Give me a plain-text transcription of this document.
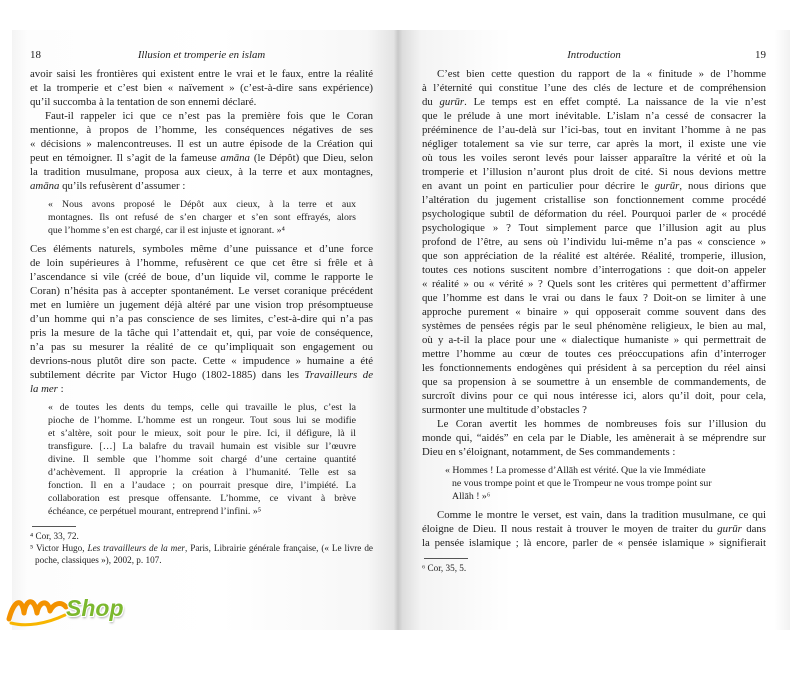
18	Illusion et tromperie en islam
avoir saisi les frontières qui existent entre le vrai et le faux, entre la réalité
et la tromperie et c’est bien « naïvement » (c’est-à-dire sans expérience)
qu’il succomba à la tentation de son ennemi déclaré.
Faut-il rappeler ici que ce n’est pas la première fois que le Coran
mentionne, à propos de l’homme, les conséquences négatives de ses
« décisions » malencontreuses. Il est un autre épisode de la Création qui
peut en témoigner. Il s’agit de la fameuse amāna (le Dépôt) que Dieu, selon
la tradition musulmane, proposa aux cieux, à la terre et aux montagnes,
amāna qu’ils refusèrent d’assumer :
« Nous avons proposé le Dépôt aux cieux, à la terre et aux
montagnes. Ils ont refusé de s’en charger et s’en sont effrayés, alors
que l’homme s’en est chargé, car il est injuste et ignorant. »⁴
Ces éléments naturels, symboles même d’une puissance et d’une force
de loin supérieures à l’homme, refusèrent ce que cet être si frêle et à
l’ascendance si vile (créé de boue, d’un liquide vil, comme le rapporte le
Coran) n’hésita pas à accepter spontanément. Le verset coranique précédent
met en lumière un jugement déjà altéré par une vision trop présomptueuse
d’un homme qui n’a pas conscience de ses limites, c’est-à-dire qui n’a pas
pris la mesure de la tâche qui l’attendait et, qui, par voie de conséquence,
n’a pas su mesurer la réalité de ce qu’impliquait son engagement ou
devrions-nous plutôt dire son pacte. Cette « impudence » humaine a été
subtilement décrite par Victor Hugo (1802-1885) dans les Travailleurs de
la mer :
« de toutes les dents du temps, celle qui travaille le plus, c’est la
pioche de l’homme. L’homme est un rongeur. Tout sous lui se modifie
et s’altère, soit pour le mieux, soit pour le pire. Ici, il défigure, là il
transfigure. […] La balafre du travail humain est visible sur l’œuvre
divine. Il semble que l’homme soit chargé d’une certaine quantité
d’achèvement. Il approprie la création à l’humanité. Telle est sa
fonction. Il en a l’audace ; on pourrait presque dire, l’impiété. La
collaboration est presque offensante. L’homme, ce vivant à brève
échéance, ce perpétuel mourant, entreprend l’infini. »⁵
⁴ Cor, 33, 72.
⁵ Victor Hugo, Les travailleurs de la mer, Paris, Librairie générale française, (« Le livre de
poche, classiques »), 2002, p. 107.
Introduction	19
C’est bien cette question du rapport de la « finitude » de l’homme
à l’éternité qui constitue l’une des clés de lecture et de compréhension
du gurūr. Le temps est en effet compté. La naissance de la vie n’est
que le prélude à une mort inévitable. L’islam n’a cessé de consacrer la
prééminence de l’au-delà sur l’ici-bas, tout en invitant l’homme à ne pas
négliger totalement sa vie sur terre, car après la mort, il existe une vie
où tous les voiles seront levés pour laisser apparaître la vérité et où la
tromperie et l’illusion n’auront plus droit de cité. Si nous devions mettre
en avant un point en particulier pour décrire le gurūr, nous dirions que
l’altération du jugement cristallise son fonctionnement comme procédé
psychologique subtil de déformation du réel. Pourquoi parler de « procédé
psychologique » ? Tout simplement parce que l’illusion agit au plus
profond de l’être, au sens où l’individu lui-même n’a pas « conscience »
que son appréciation de la réalité est altérée. Réalité, tromperie, illusion,
toutes ces notions suscitent nombre d’interrogations : que doit-on appeler
« réalité » ou « vérité » ? Quels sont les critères qui permettent d’affirmer
que l’homme est dans le vrai ou dans le faux ? Doit-on se limiter à une
approche purement « binaire » qui opposerait comme souvent dans des
systèmes de pensées régis par le seul phénomène religieux, le bien au mal,
où y a-t-il la place pour une « dialectique humaniste » qui permettrait de
mettre l’homme au cœur de toutes ces préoccupations afin d’interroger
les fonctionnements endogènes qui président à sa perception du réel ainsi
que sa propension à se soumettre à un ensemble de commandements, de
surcroît divins pour ce qui nous intéresse ici, alors qu’il doit, pour cela,
surmonter une multitude d’obstacles ?
Le Coran avertit les hommes de nombreuses fois sur l’illusion du
monde qui, “aidés” en cela par le Diable, les amènerait à se méprendre sur
Dieu en s’éloignant, notamment, de Ses commandements :
« Hommes ! La promesse d’Allāh est vérité. Que la vie Immédiate
ne vous trompe point et que le Trompeur ne vous trompe point sur
Allāh ! »⁶
Comme le montre le verset, est vain, dans la tradition musulmane, ce qui
éloigne de Dieu. Il nous restait à trouver le moyen de traiter du gurūr dans
la pensée islamique ; là encore, parler de « pensée islamique » signifierait
⁶ Cor, 35, 5.
Shop
